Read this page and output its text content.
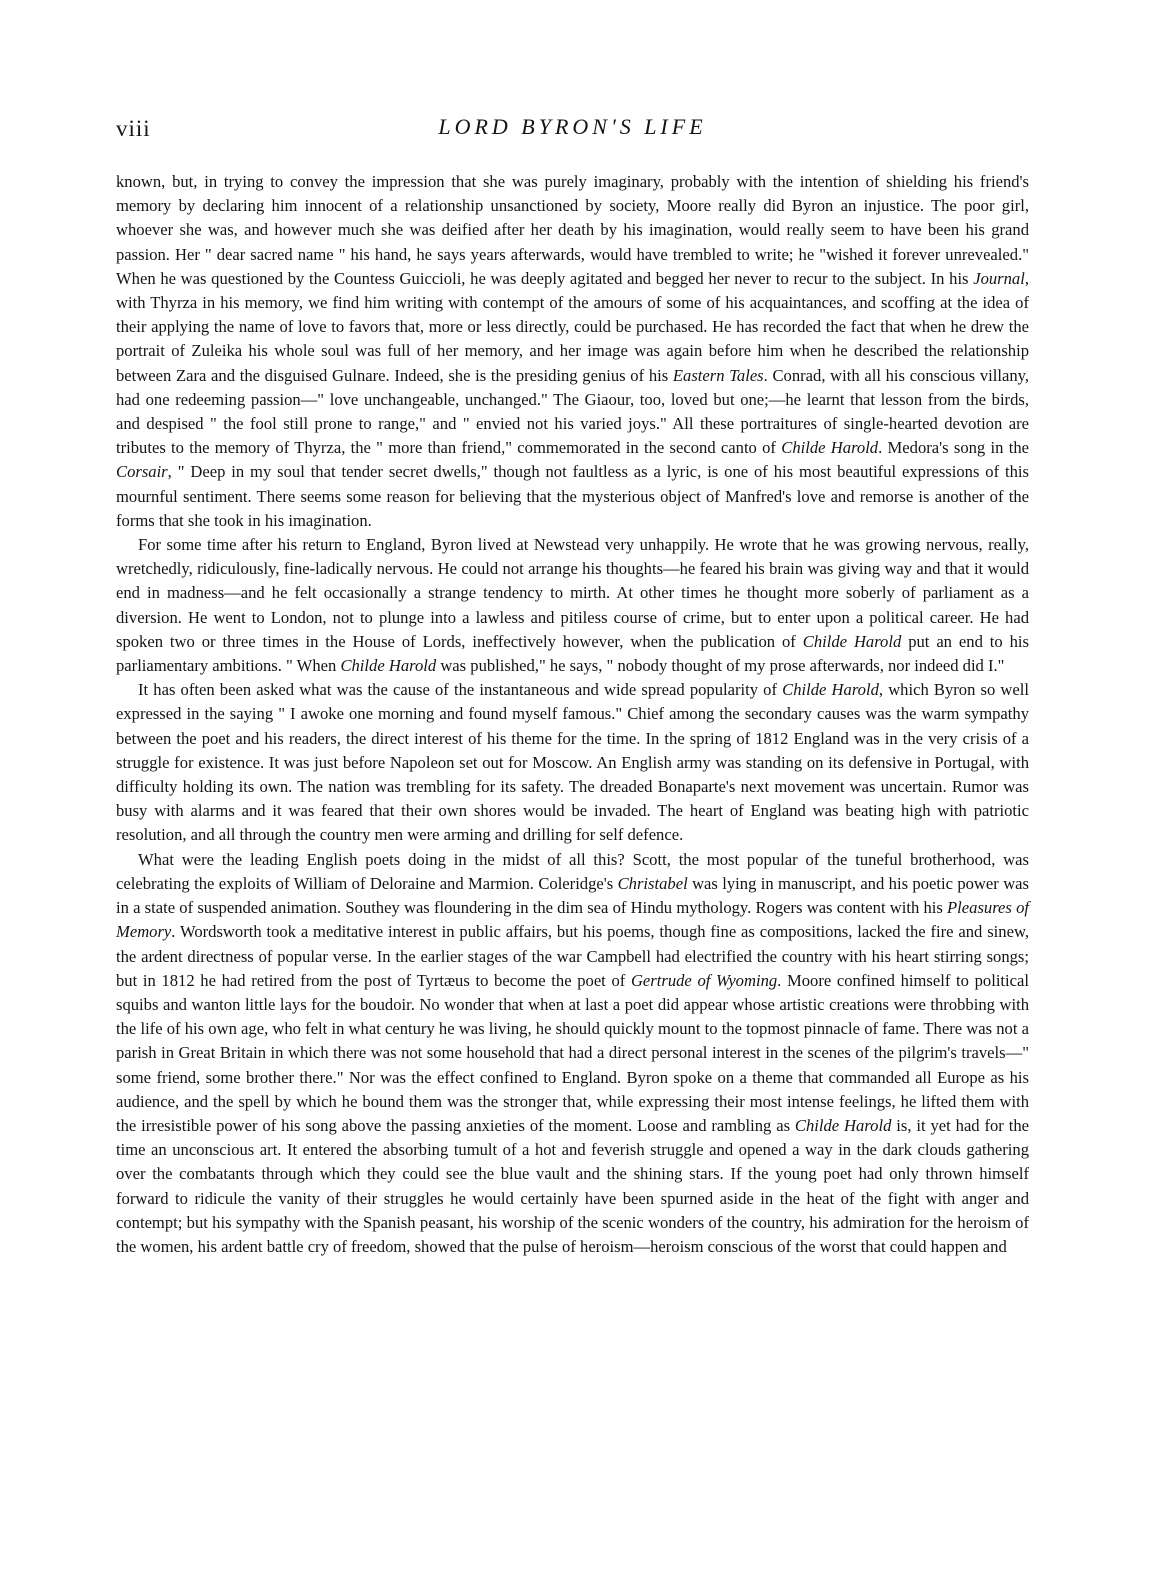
viii	LORD BYRON'S LIFE

known, but, in trying to convey the impression that she was purely imaginary, probably with the intention of shielding his friend's memory by declaring him innocent of a relationship unsanctioned by society, Moore really did Byron an injustice. The poor girl, whoever she was, and however much she was deified after her death by his imagination, would really seem to have been his grand passion. Her " dear sacred name " his hand, he says years afterwards, would have trembled to write; he "wished it forever unrevealed." When he was questioned by the Countess Guiccioli, he was deeply agitated and begged her never to recur to the subject. In his Journal, with Thyrza in his memory, we find him writing with contempt of the amours of some of his acquaintances, and scoffing at the idea of their applying the name of love to favors that, more or less directly, could be purchased. He has recorded the fact that when he drew the portrait of Zuleika his whole soul was full of her memory, and her image was again before him when he described the relationship between Zara and the disguised Gulnare. Indeed, she is the presiding genius of his Eastern Tales. Conrad, with all his conscious villany, had one redeeming passion—" love unchangeable, unchanged." The Giaour, too, loved but one;—he learnt that lesson from the birds, and despised " the fool still prone to range," and " envied not his varied joys." All these portraitures of single-hearted devotion are tributes to the memory of Thyrza, the " more than friend," commemorated in the second canto of Childe Harold. Medora's song in the Corsair, " Deep in my soul that tender secret dwells," though not faultless as a lyric, is one of his most beautiful expressions of this mournful sentiment. There seems some reason for believing that the mysterious object of Manfred's love and remorse is another of the forms that she took in his imagination.

For some time after his return to England, Byron lived at Newstead very unhappily. He wrote that he was growing nervous, really, wretchedly, ridiculously, fine-ladically nervous. He could not arrange his thoughts—he feared his brain was giving way and that it would end in madness—and he felt occasionally a strange tendency to mirth. At other times he thought more soberly of parliament as a diversion. He went to London, not to plunge into a lawless and pitiless course of crime, but to enter upon a political career. He had spoken two or three times in the House of Lords, ineffectively however, when the publication of Childe Harold put an end to his parliamentary ambitions. " When Childe Harold was published," he says, " nobody thought of my prose afterwards, nor indeed did I."

It has often been asked what was the cause of the instantaneous and wide spread popularity of Childe Harold, which Byron so well expressed in the saying " I awoke one morning and found myself famous." Chief among the secondary causes was the warm sympathy between the poet and his readers, the direct interest of his theme for the time. In the spring of 1812 England was in the very crisis of a struggle for existence. It was just before Napoleon set out for Moscow. An English army was standing on its defensive in Portugal, with difficulty holding its own. The nation was trembling for its safety. The dreaded Bonaparte's next movement was uncertain. Rumor was busy with alarms and it was feared that their own shores would be invaded. The heart of England was beating high with patriotic resolution, and all through the country men were arming and drilling for self defence.

What were the leading English poets doing in the midst of all this? Scott, the most popular of the tuneful brotherhood, was celebrating the exploits of William of Deloraine and Marmion. Coleridge's Christabel was lying in manuscript, and his poetic power was in a state of suspended animation. Southey was floundering in the dim sea of Hindu mythology. Rogers was content with his Pleasures of Memory. Wordsworth took a meditative interest in public affairs, but his poems, though fine as compositions, lacked the fire and sinew, the ardent directness of popular verse. In the earlier stages of the war Campbell had electrified the country with his heart stirring songs; but in 1812 he had retired from the post of Tyrtæus to become the poet of Gertrude of Wyoming. Moore confined himself to political squibs and wanton little lays for the boudoir. No wonder that when at last a poet did appear whose artistic creations were throbbing with the life of his own age, who felt in what century he was living, he should quickly mount to the topmost pinnacle of fame. There was not a parish in Great Britain in which there was not some household that had a direct personal interest in the scenes of the pilgrim's travels—" some friend, some brother there." Nor was the effect confined to England. Byron spoke on a theme that commanded all Europe as his audience, and the spell by which he bound them was the stronger that, while expressing their most intense feelings, he lifted them with the irresistible power of his song above the passing anxieties of the moment. Loose and rambling as Childe Harold is, it yet had for the time an unconscious art. It entered the absorbing tumult of a hot and feverish struggle and opened a way in the dark clouds gathering over the combatants through which they could see the blue vault and the shining stars. If the young poet had only thrown himself forward to ridicule the vanity of their struggles he would certainly have been spurned aside in the heat of the fight with anger and contempt; but his sympathy with the Spanish peasant, his worship of the scenic wonders of the country, his admiration for the heroism of the women, his ardent battle cry of freedom, showed that the pulse of heroism—heroism conscious of the worst that could happen and
